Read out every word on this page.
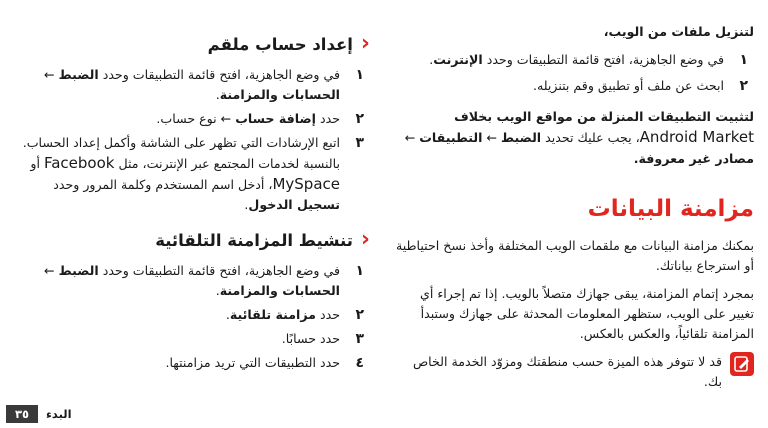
لتنزيل ملفات من الويب،

١
في وضع الجاهزية، افتح قائمة التطبيقات وحدد الإنترنت.
٢
ابحث عن ملف أو تطبيق وقم بتنزيله.

لتثبيت التطبيقات المنزلة من مواقع الويب بخلاف Android Market، يجب عليك تحديد الضبط ← التطبيقات ← مصادر غير معروفة.

مزامنة البيانات

بمكنك مزامنة البيانات مع ملقمات الويب المختلفة وأخذ نسخ احتياطية أو استرجاع بياناتك.

بمجرد إتمام المزامنة، يبقى جهازك متصلاً بالويب. إذا تم إجراء أي تغيير على الويب، ستظهر المعلومات المحدثة على جهازك وستبدأ المزامنة تلقائياً، والعكس بالعكس.

قد لا تتوفر هذه الميزة حسب منطقتك ومزوّد الخدمة الخاص بك.

‹
إعداد حساب ملقم
١
في وضع الجاهزية، افتح قائمة التطبيقات وحدد الضبط ← الحسابات والمزامنة.
٢
حدد إضافة حساب ← نوع حساب.
٣
اتبع الإرشادات التي تظهر على الشاشة وأكمل إعداد الحساب.

بالنسبة لخدمات المجتمع عبر الإنترنت، مثل Facebook أو MySpace، أدخل اسم المستخدم وكلمة المرور وحدد تسجيل الدخول.

‹
تنشيط المزامنة التلقائية
١
في وضع الجاهزية، افتح قائمة التطبيقات وحدد الضبط ← الحسابات والمزامنة.
٢
حدد مزامنة تلقائية.
٣
حدد حسابًا.
٤
حدد التطبيقات التي تريد مزامنتها.
٣٥	البدء
